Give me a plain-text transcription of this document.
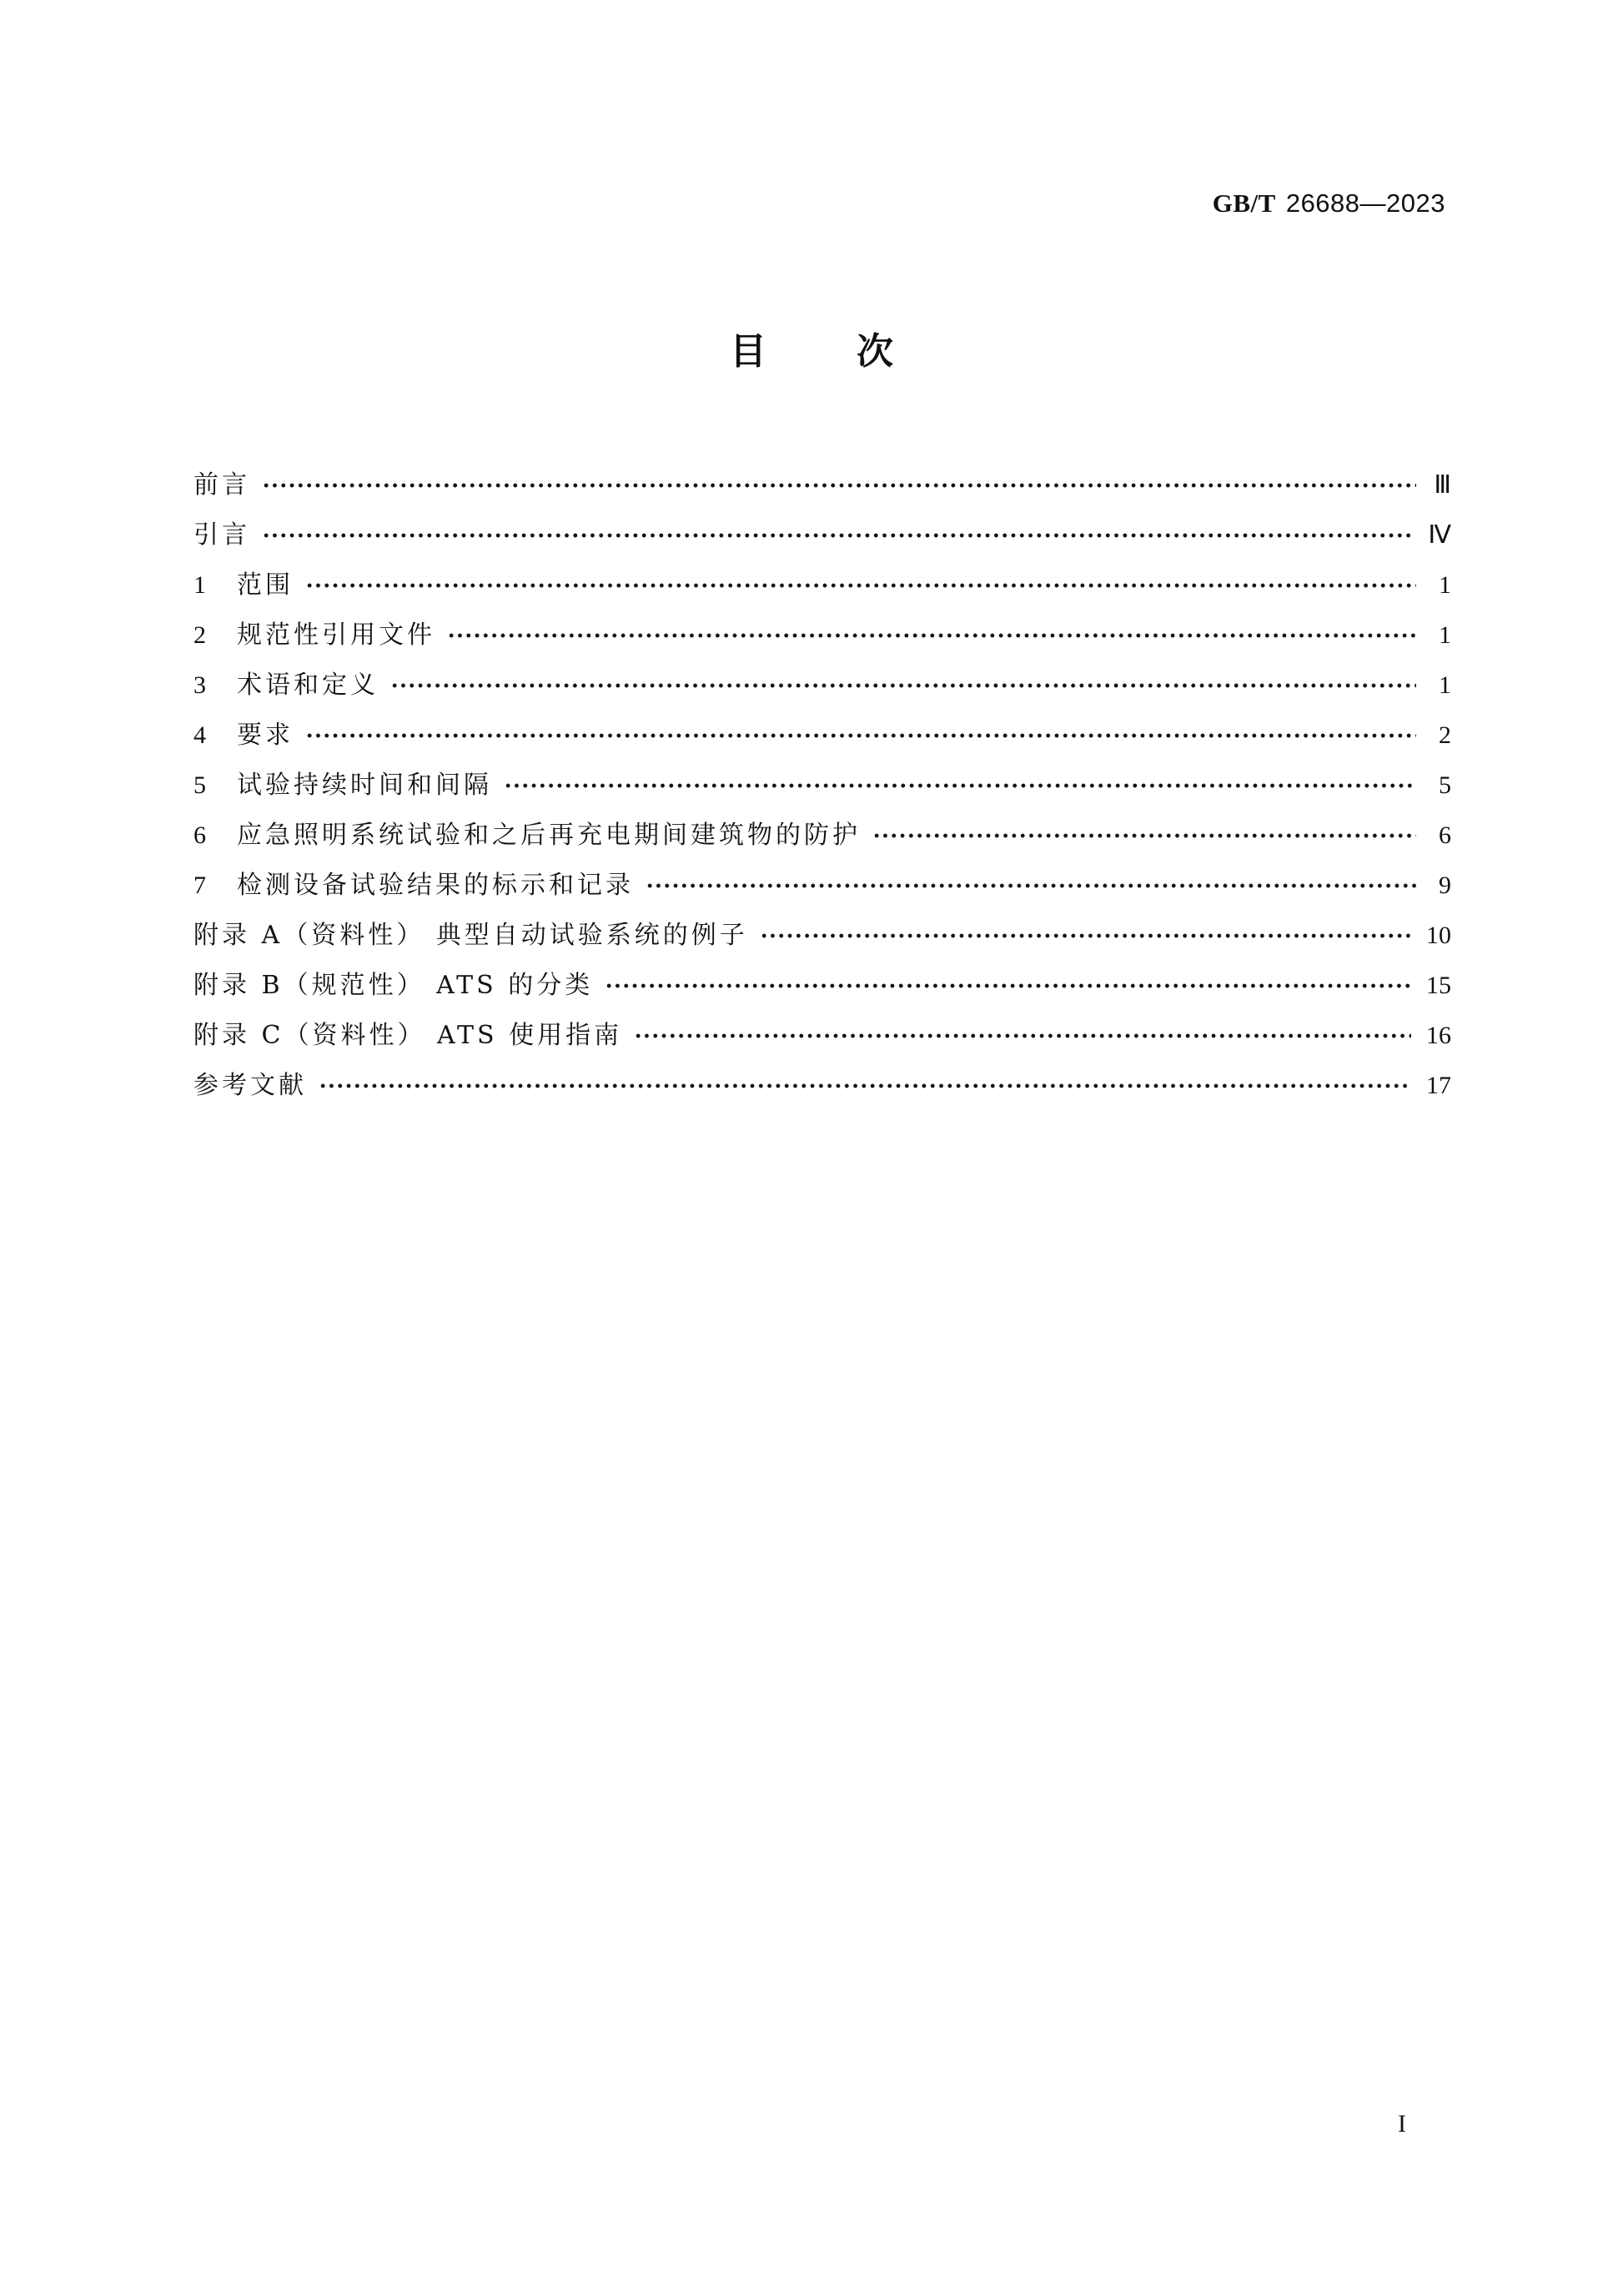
GB/T 26688—2023
目 次
前言	Ⅲ
引言	Ⅳ
1	范围	1
2	规范性引用文件	1
3	术语和定义	1
4	要求	2
5	试验持续时间和间隔	5
6	应急照明系统试验和之后再充电期间建筑物的防护	6
7	检测设备试验结果的标示和记录	9
附录 A（资料性） 典型自动试验系统的例子	10
附录 B（规范性） ATS 的分类	15
附录 C（资料性） ATS 使用指南	16
参考文献	17
I
